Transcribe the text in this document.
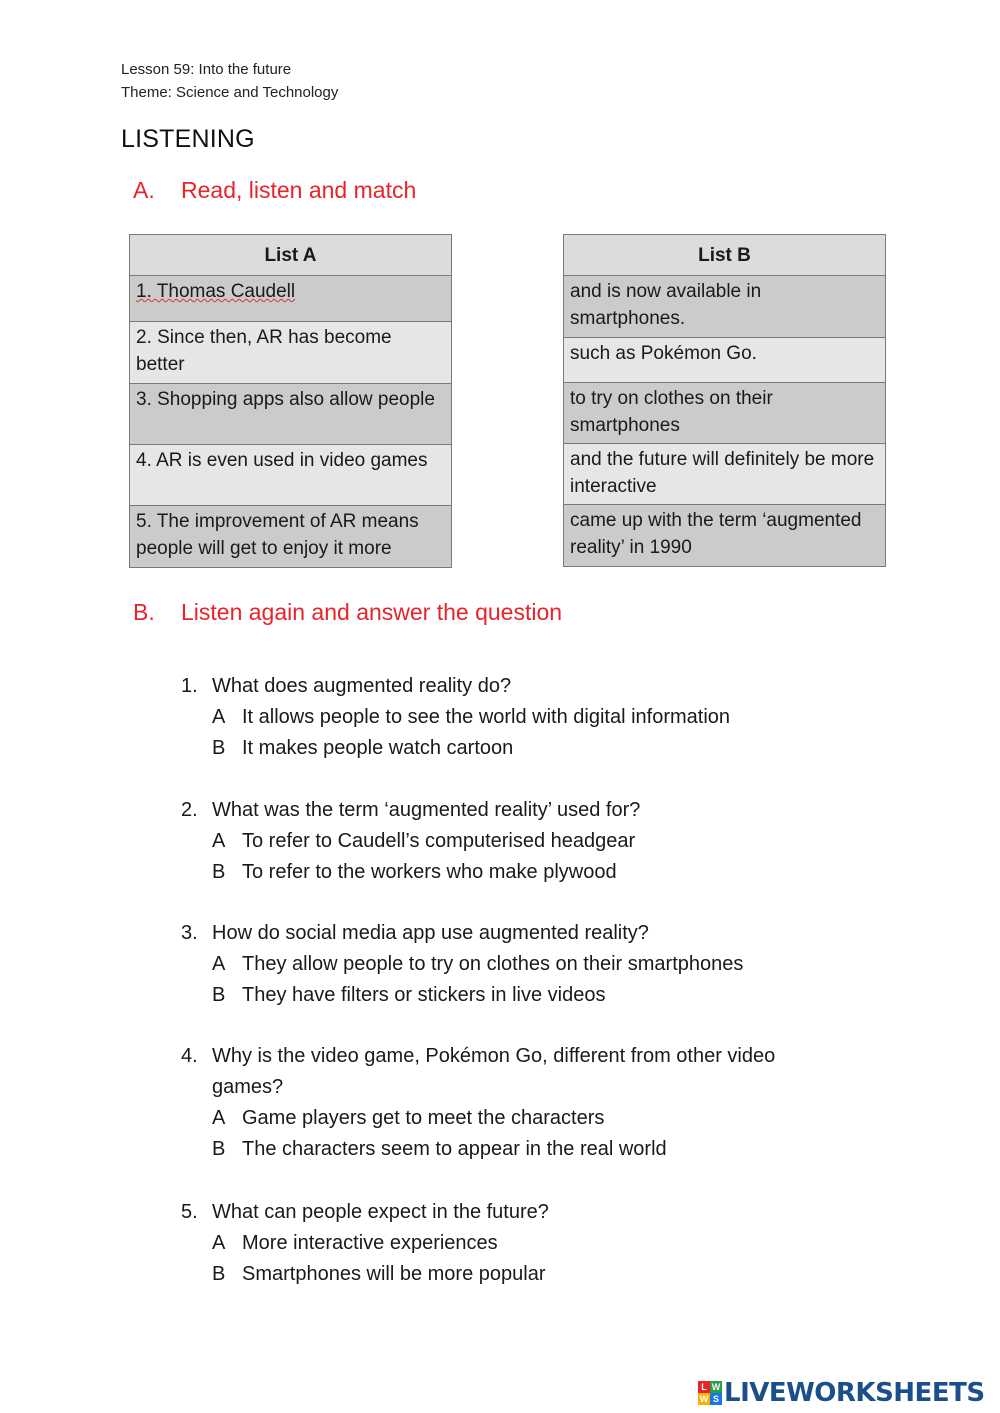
Lesson 59: Into the future
Theme: Science and Technology
LISTENING
A. Read, listen and match
List A
1. Thomas Caudell
2. Since then, AR has become better
3. Shopping apps also allow people
4. AR is even used in video games
5. The improvement of AR means people will get to enjoy it more
List B
and is now available in smartphones.
such as Pokémon Go.
to try on clothes on their smartphones
and the future will definitely be more interactive
came up with the term ‘augmented reality’ in 1990
B. Listen again and answer the question
1. What does augmented reality do?
A It allows people to see the world with digital information
B It makes people watch cartoon
2. What was the term ‘augmented reality’ used for?
A To refer to Caudell’s computerised headgear
B To refer to the workers who make plywood
3. How do social media app use augmented reality?
A They allow people to try on clothes on their smartphones
B They have filters or stickers in live videos
4. Why is the video game, Pokémon Go, different from other video games?
A Game players get to meet the characters
B The characters seem to appear in the real world
5. What can people expect in the future?
A More interactive experiences
B Smartphones will be more popular
L W
W S LIVEWORKSHEETS
